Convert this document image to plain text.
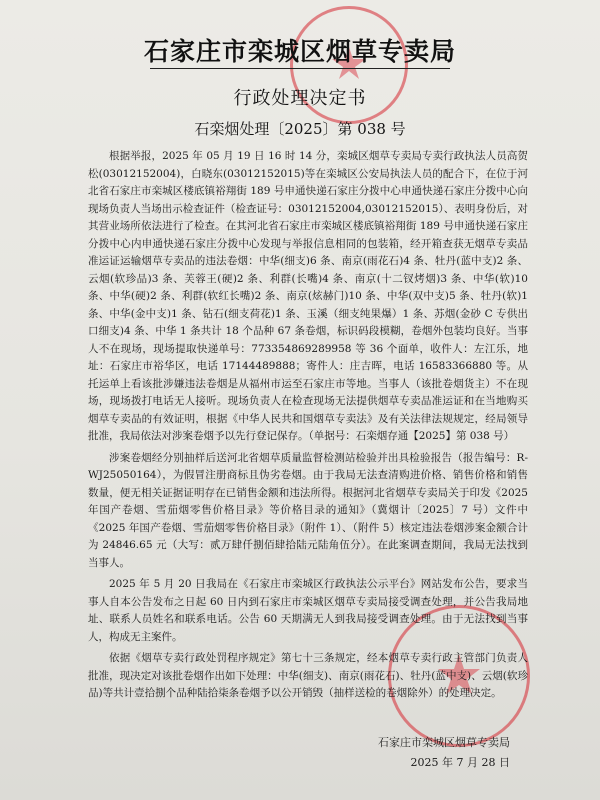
石家庄市栾城区烟草专卖局
行政处理决定书
石栾烟处理〔2025〕第 038 号

根据举报，2025 年 05 月 19 日 16 时 14 分，栾城区烟草专卖局专卖行政执法人员高贺松(03012152004)，白晓东(03012152015)等在栾城区公安局执法人员的配合下，在位于河北省石家庄市栾城区楼底镇裕翔街 189 号申通快递石家庄分拨中心申通快递石家庄分拨中心向现场负责人当场出示检查证件（检查证号：03012152004,03012152015）、表明身份后，对其营业场所依法进行了检查。在其河北省石家庄市栾城区楼底镇裕翔街 189 号申通快递石家庄分拨中心内申通快递石家庄分拨中心发现与举报信息相同的包装箱，经开箱查获无烟草专卖品准运证运输烟草专卖品的违法卷烟：中华(细支)6 条、南京(雨花石)4 条、牡丹(蓝中支)2 条、云烟(软珍品)3 条、芙蓉王(硬)2 条、利群(长嘴)4 条、南京(十二钗烤烟)3 条、中华(软)10 条、中华(硬)2 条、利群(软红长嘴)2 条、南京(炫赫门)10 条、中华(双中支)5 条、牡丹(软)1 条、中华(金中支)1 条、钻石(细支荷花)1 条、玉溪（细支纯果爆）1 条、苏烟(金砂 C 专供出口细支)4 条、中华 1 条共计 18 个品种 67 条卷烟，标识码段模糊，卷烟外包装均良好。当事人不在现场，现场提取快递单号：773354869289958 等 36 个面单，收件人：左江乐，地址：石家庄市裕华区，电话 17144489888；寄件人：庄吉晖，电话 16583366880 等。从托运单上看该批涉嫌违法卷烟是从福州市运至石家庄市等地。当事人（该批卷烟货主）不在现场，现场拨打电话无人接听。现场负责人在检查现场无法提供烟草专卖品准运证和在当地购买烟草专卖品的有效证明，根据《中华人民共和国烟草专卖法》及有关法律法规规定，经局领导批准，我局依法对涉案卷烟予以先行登记保存。（单据号：石栾烟存通【2025】第 038 号）

涉案卷烟经分别抽样后送河北省烟草质量监督检测站检验并出具检验报告（报告编号：R-WJ25050164），为假冒注册商标且伪劣卷烟。由于我局无法查清购进价格、销售价格和销售数量，便无相关证据证明存在已销售金额和违法所得。根据河北省烟草专卖局关于印发《2025 年国产卷烟、雪茄烟零售价格目录》等价格目录的通知》（冀烟计〔2025〕7 号）文件中《2025 年国产卷烟、雪茄烟零售价格目录》（附件 1）、（附件 5）核定违法卷烟涉案金额合计为 24846.65 元（大写：贰万肆仟捌佰肆拾陆元陆角伍分）。在此案调查期间，我局无法找到当事人。

2025 年 5 月 20 日我局在《石家庄市栾城区行政执法公示平台》网站发布公告，要求当事人自本公告发布之日起 60 日内到石家庄市栾城区烟草专卖局接受调查处理，并公告我局地址、联系人员姓名和联系电话。公告 60 天期满无人到我局接受调查处理。由于无法找到当事人，构成无主案件。

依据《烟草专卖行政处罚程序规定》第七十三条规定，经本烟草专卖行政主管部门负责人批准，现决定对该批卷烟作出如下处理：中华(细支)、南京(雨花石)、牡丹(蓝中支)、云烟(软珍品)等共计壹拾捌个品种陆拾柒条卷烟予以公开销毁（抽样送检的卷烟除外）的处理决定。

石家庄市栾城区烟草专卖局
2025 年 7 月 28 日
